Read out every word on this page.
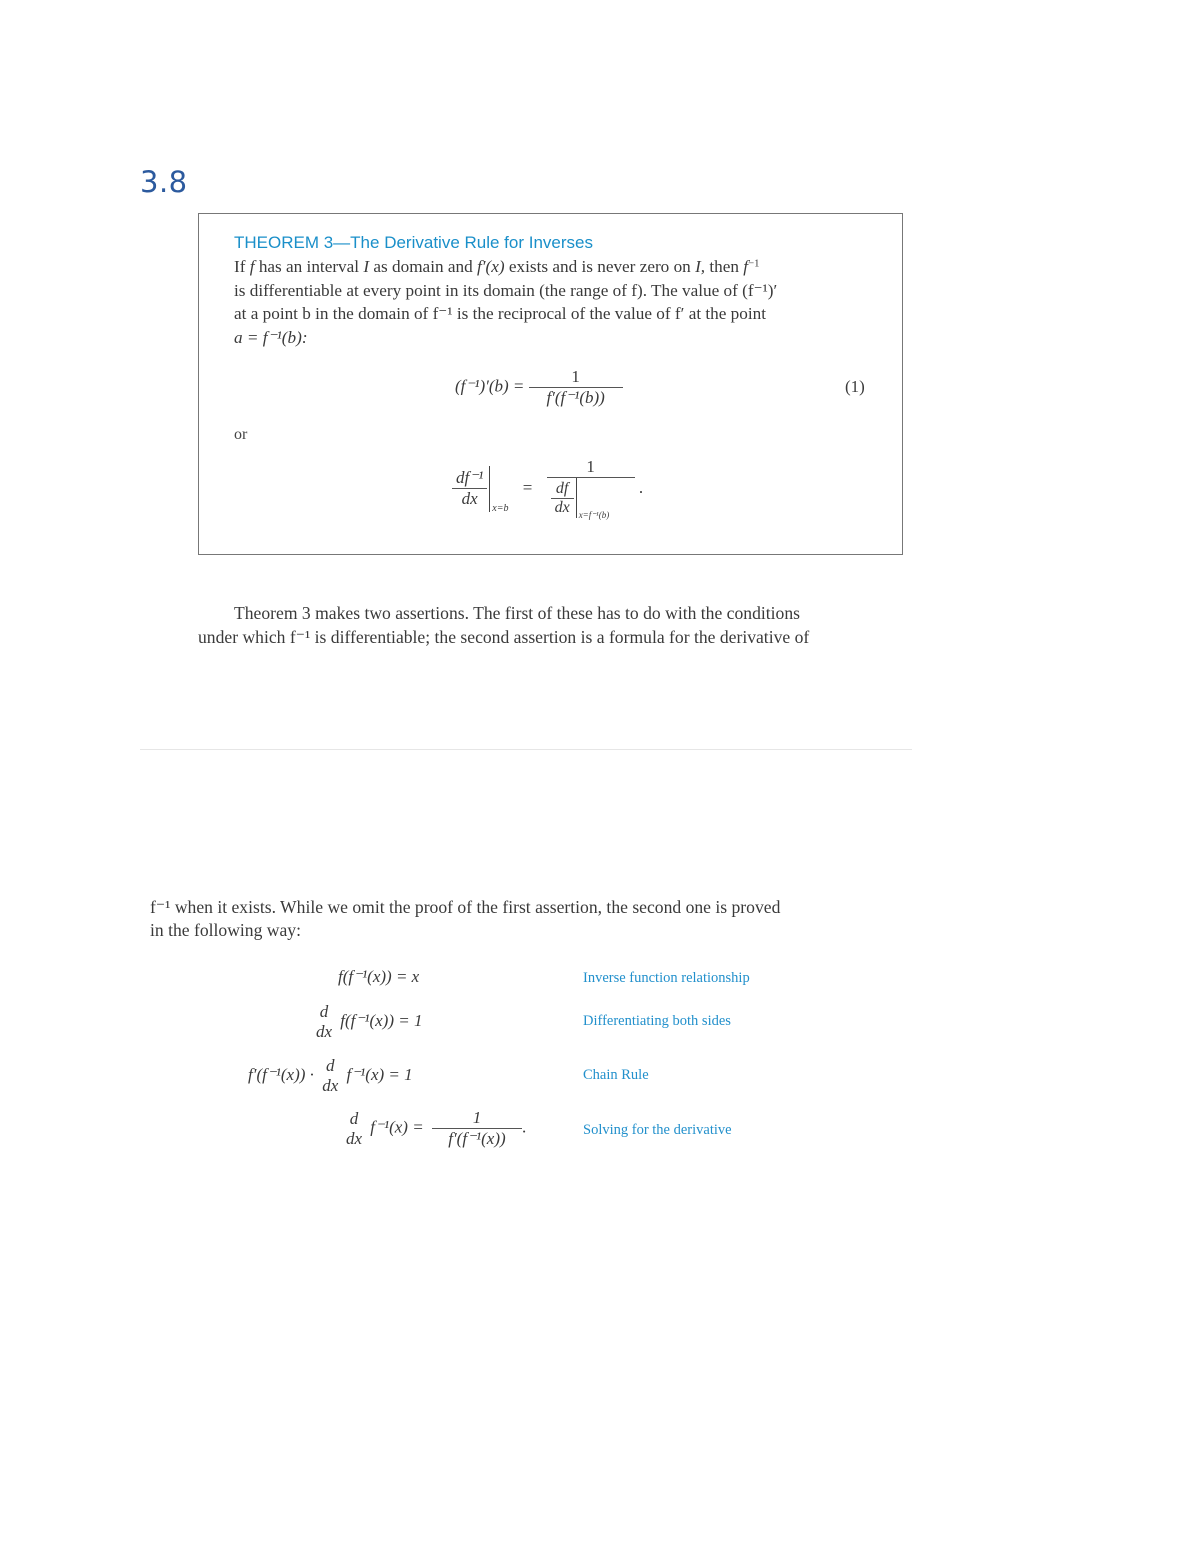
3.8
THEOREM 3—The Derivative Rule for Inverses
If f has an interval I as domain and f′(x) exists and is never zero on I, then $f^{-1}$
is differentiable at every point in its domain (the range of f). The value of (f⁻¹)′
at a point b in the domain of f⁻¹ is the reciprocal of the value of f′ at the point
a = f⁻¹(b):
$(f^{-1})'(b) = \frac{1}{\text{f′(f⁻¹(b))}}$	(1)
or
$\frac{\text{df⁻¹}}{dx} _{x=b} = \frac{1}{\frac{df}{dx} _{x=f^{-1}(b)}}$ .
Theorem 3 makes two assertions. The first of these has to do with the conditions
under which f⁻¹ is differentiable; the second assertion is a formula for the derivative of
f⁻¹ when it exists. While we omit the proof of the first assertion, the second one is proved
in the following way:
f(f⁻¹(x)) = x	Inverse function relationship
d
dx
f(f⁻¹(x)) = 1	Differentiating both sides
f′(f⁻¹(x)) · d
dx
f⁻¹(x) = 1	Chain Rule
d
dx
$f^{-1}(x) = \frac{1}{\text{f′(f⁻¹(x))}}$ .	Solving for the derivative
